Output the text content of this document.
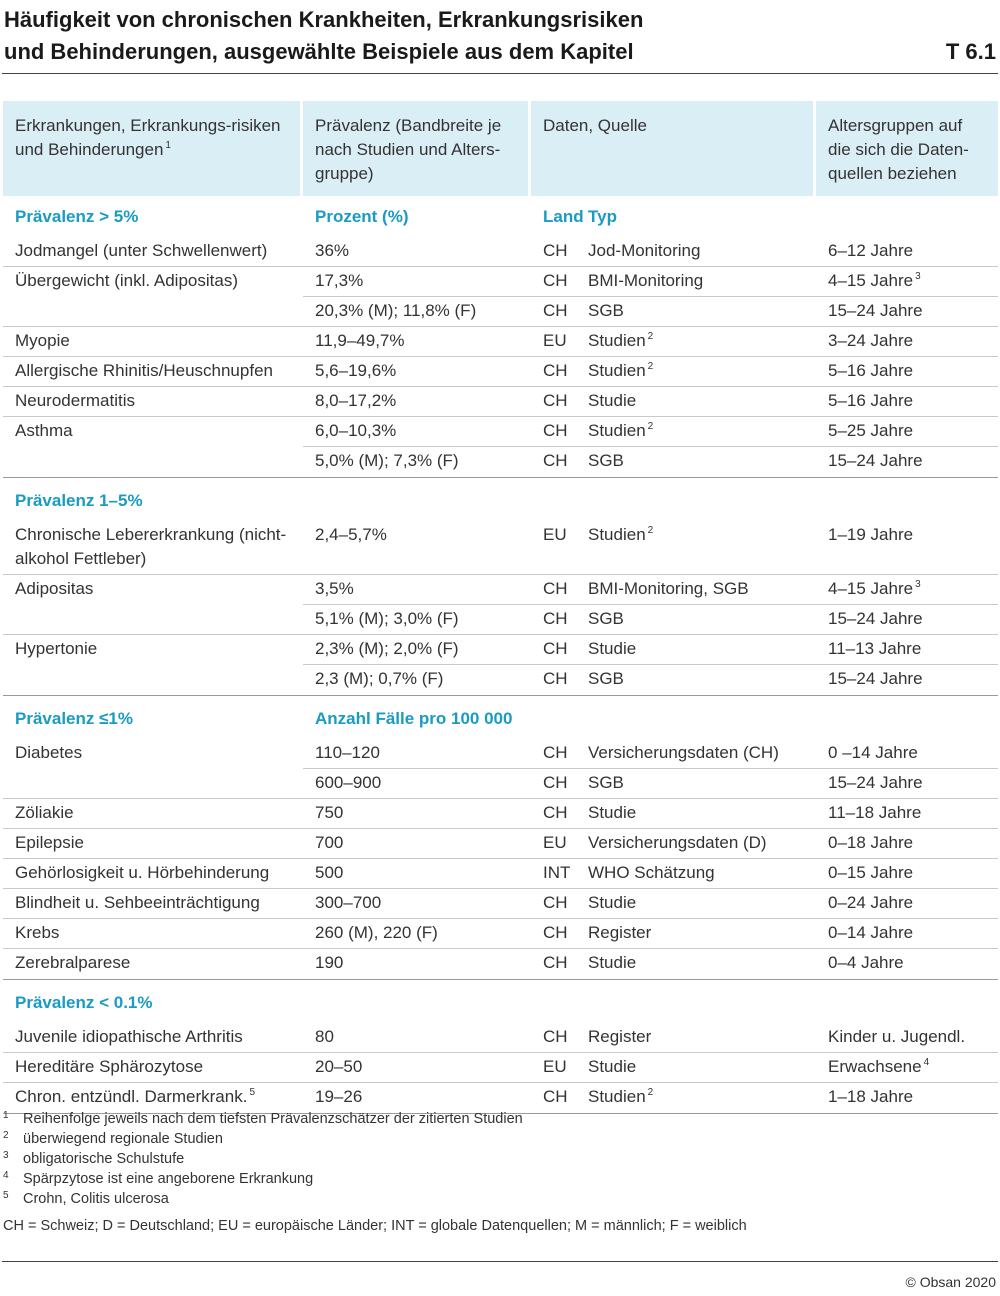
Häufigkeit von chronischen Krankheiten, Erkrankungsrisiken
und Behinderungen, ausgewählte Beispiele aus dem Kapitel	T 6.1
Erkrankungen, Erkrankungs-risiken und Behinderungen $^1$	Prävalenz (Bandbreite je nach Studien und Alters-gruppe)	Daten, Quelle		Altersgruppen auf die sich die Daten-quellen beziehen
Prävalenz > 5%	Prozent (%)	Land	Typ	
Jodmangel (unter Schwellenwert)	36%	CH	Jod-Monitoring	6–12 Jahre
Übergewicht (inkl. Adipositas)	17,3%	CH	BMI-Monitoring	4–15 Jahre $^3$
	20,3% (M); 11,8% (F)	CH	SGB	15–24 Jahre
Myopie	11,9–49,7%	EU	Studien $^2$	3–24 Jahre
Allergische Rhinitis/Heuschnupfen	5,6–19,6%	CH	Studien $^2$	5–16 Jahre
Neurodermatitis	8,0–17,2%	CH	Studie	5–16 Jahre
Asthma	6,0–10,3%	CH	Studien $^2$	5–25 Jahre
	5,0% (M); 7,3% (F)	CH	SGB	15–24 Jahre
Prävalenz 1–5%				
Chronische Lebererkrankung (nicht-alkohol Fettleber)	2,4–5,7%	EU	Studien $^2$	1–19 Jahre
Adipositas	3,5%	CH	BMI-Monitoring, SGB	4–15 Jahre $^3$
	5,1% (M); 3,0% (F)	CH	SGB	15–24 Jahre
Hypertonie	2,3% (M); 2,0% (F)	CH	Studie	11–13 Jahre
	2,3 (M); 0,7% (F)	CH	SGB	15–24 Jahre
Prävalenz ≤1%	Anzahl Fälle pro 100 000			
Diabetes	110–120	CH	Versicherungsdaten (CH)	0 –14 Jahre
	600–900	CH	SGB	15–24 Jahre
Zöliakie	750	CH	Studie	11–18 Jahre
Epilepsie	700	EU	Versicherungsdaten (D)	0–18 Jahre
Gehörlosigkeit u. Hörbehinderung	500	INT	WHO Schätzung	0–15 Jahre
Blindheit u. Sehbeeinträchtigung	300–700	CH	Studie	0–24 Jahre
Krebs	260 (M), 220 (F)	CH	Register	0–14 Jahre
Zerebralparese	190	CH	Studie	0–4 Jahre
Prävalenz < 0.1%				
Juvenile idiopathische Arthritis	80	CH	Register	Kinder u. Jugendl.
Hereditäre Sphärozytose	20–50	EU	Studie	Erwachsene $^4$
Chron. entzündl. Darmerkrank. $^5$	19–26	CH	Studien $^2$	1–18 Jahre
1 Reihenfolge jeweils nach dem tiefsten Prävalenzschätzer der zitierten Studien
2 überwiegend regionale Studien
3 obligatorische Schulstufe
4 Spärpzytose ist eine angeborene Erkrankung
5 Crohn, Colitis ulcerosa
CH = Schweiz; D = Deutschland; EU = europäische Länder; INT = globale Datenquellen; M = männlich; F = weiblich
© Obsan 2020
